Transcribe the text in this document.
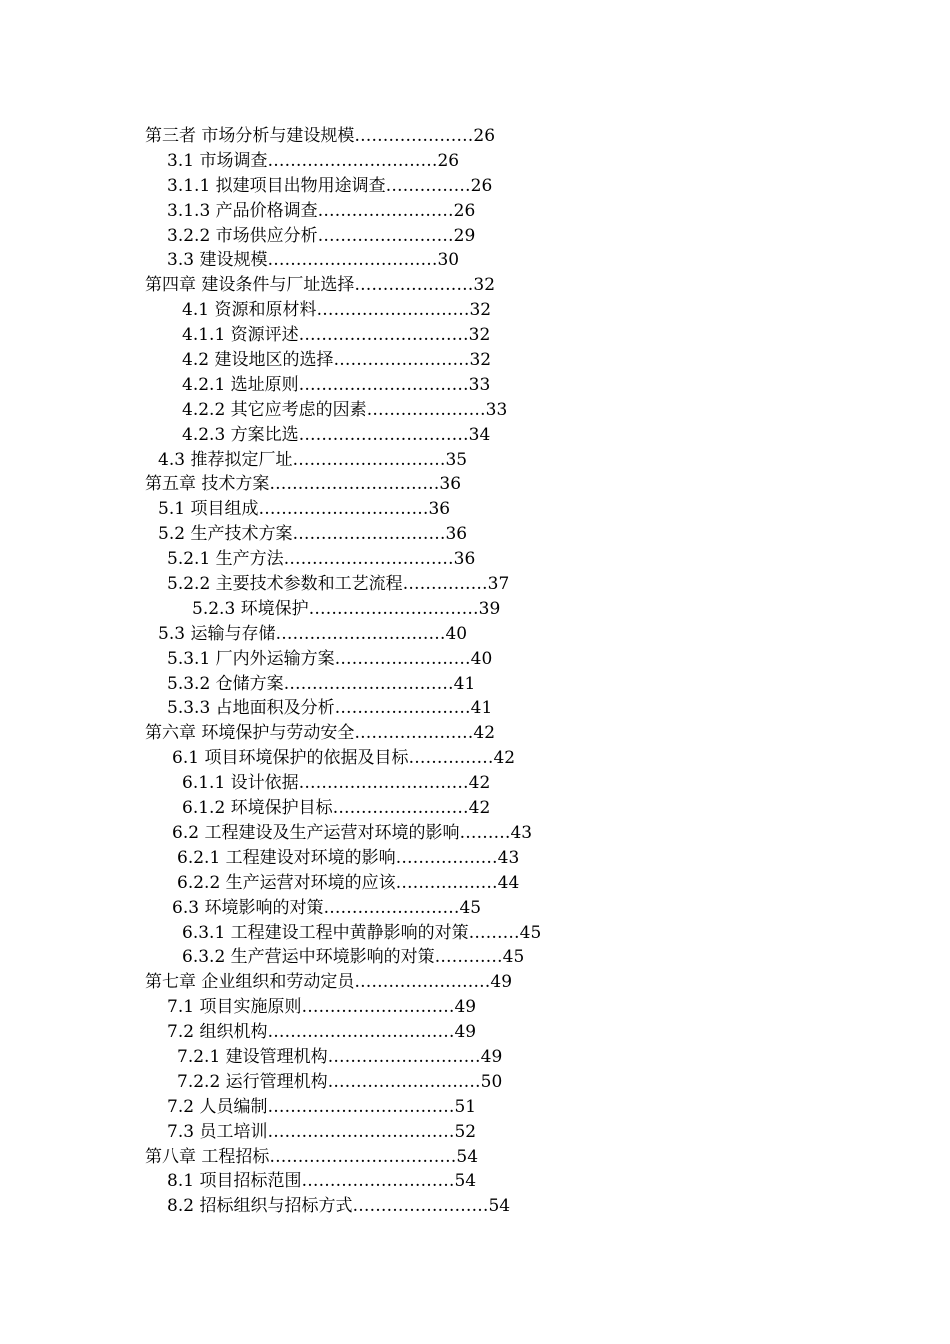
第三者 市场分析与建设规模…………………26
3.1 市场调查…………………………26
3.1.1 拟建项目出物用途调查……………26
3.1.3 产品价格调查……………………26
3.2.2 市场供应分析……………………29
3.3 建设规模…………………………30
第四章 建设条件与厂址选择…………………32
4.1 资源和原材料………………………32
4.1.1 资源评述…………………………32
4.2 建设地区的选择……………………32
4.2.1 选址原则…………………………33
4.2.2 其它应考虑的因素…………………33
4.2.3 方案比选…………………………34
4.3 推荐拟定厂址………………………35
第五章 技术方案…………………………36
5.1 项目组成…………………………36
5.2 生产技术方案………………………36
5.2.1 生产方法…………………………36
5.2.2 主要技术参数和工艺流程……………37
5.2.3 环境保护…………………………39
5.3 运输与存储…………………………40
5.3.1 厂内外运输方案……………………40
5.3.2 仓储方案…………………………41
5.3.3 占地面积及分析……………………41
第六章 环境保护与劳动安全…………………42
6.1 项目环境保护的依据及目标……………42
6.1.1 设计依据…………………………42
6.1.2 环境保护目标……………………42
6.2 工程建设及生产运营对环境的影响………43
6.2.1 工程建设对环境的影响………………43
6.2.2 生产运营对环境的应该………………44
6.3 环境影响的对策……………………45
6.3.1 工程建设工程中黄静影响的对策………45
6.3.2 生产营运中环境影响的对策…………45
第七章 企业组织和劳动定员……………………49
7.1 项目实施原则………………………49
7.2 组织机构……………………………49
7.2.1 建设管理机构………………………49
7.2.2 运行管理机构………………………50
7.2 人员编制……………………………51
7.3 员工培训……………………………52
第八章 工程招标……………………………54
8.1 项目招标范围………………………54
8.2 招标组织与招标方式……………………54
